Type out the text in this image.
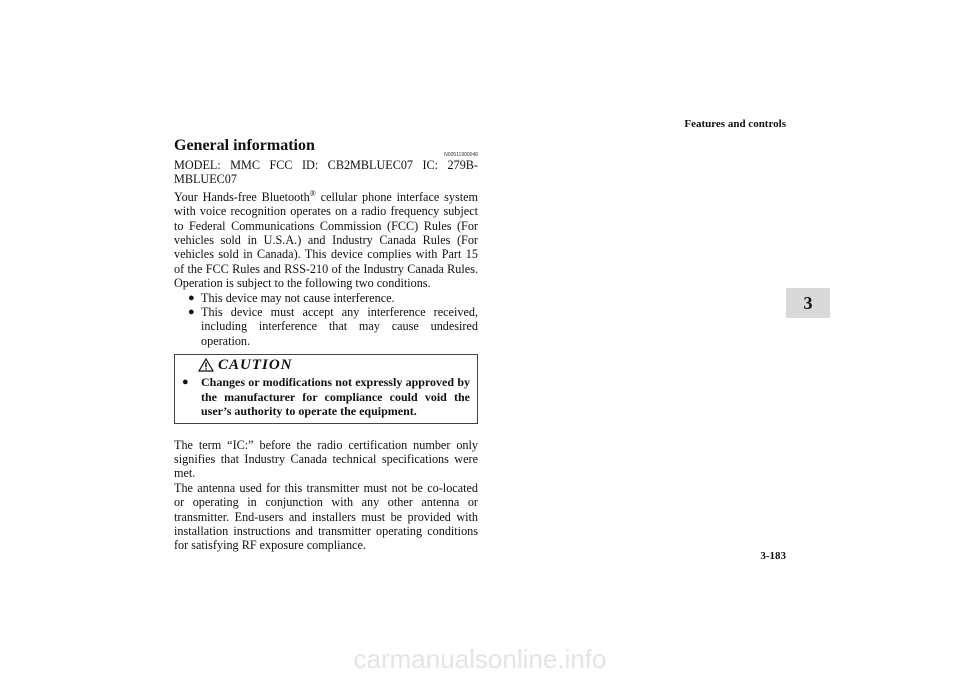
Features and controls
3
General information
N00511900046

MODEL: MMC FCC ID: CB2MBLUEC07 IC: 279B-MBLUEC07

Your Hands-free Bluetooth® cellular phone interface system with voice recognition operates on a radio frequency subject to Federal Communications Commission (FCC) Rules (For vehicles sold in U.S.A.) and Industry Canada Rules (For vehicles sold in Canada). This device complies with Part 15 of the FCC Rules and RSS-210 of the Industry Canada Rules. Operation is subject to the following two conditions.

● This device may not cause interference.
● This device must accept any interference received, including interference that may cause undesired operation.
CAUTION
● Changes or modifications not expressly approved by the manufacturer for compliance could void the user’s authority to operate the equipment.

The term “IC:” before the radio certification number only signifies that Industry Canada technical specifications were met.

The antenna used for this transmitter must not be co-located or operating in conjunction with any other antenna or transmitter. End-users and installers must be provided with installation instructions and transmitter operating conditions for satisfying RF exposure compliance.

3-183
carmanualsonline.info
